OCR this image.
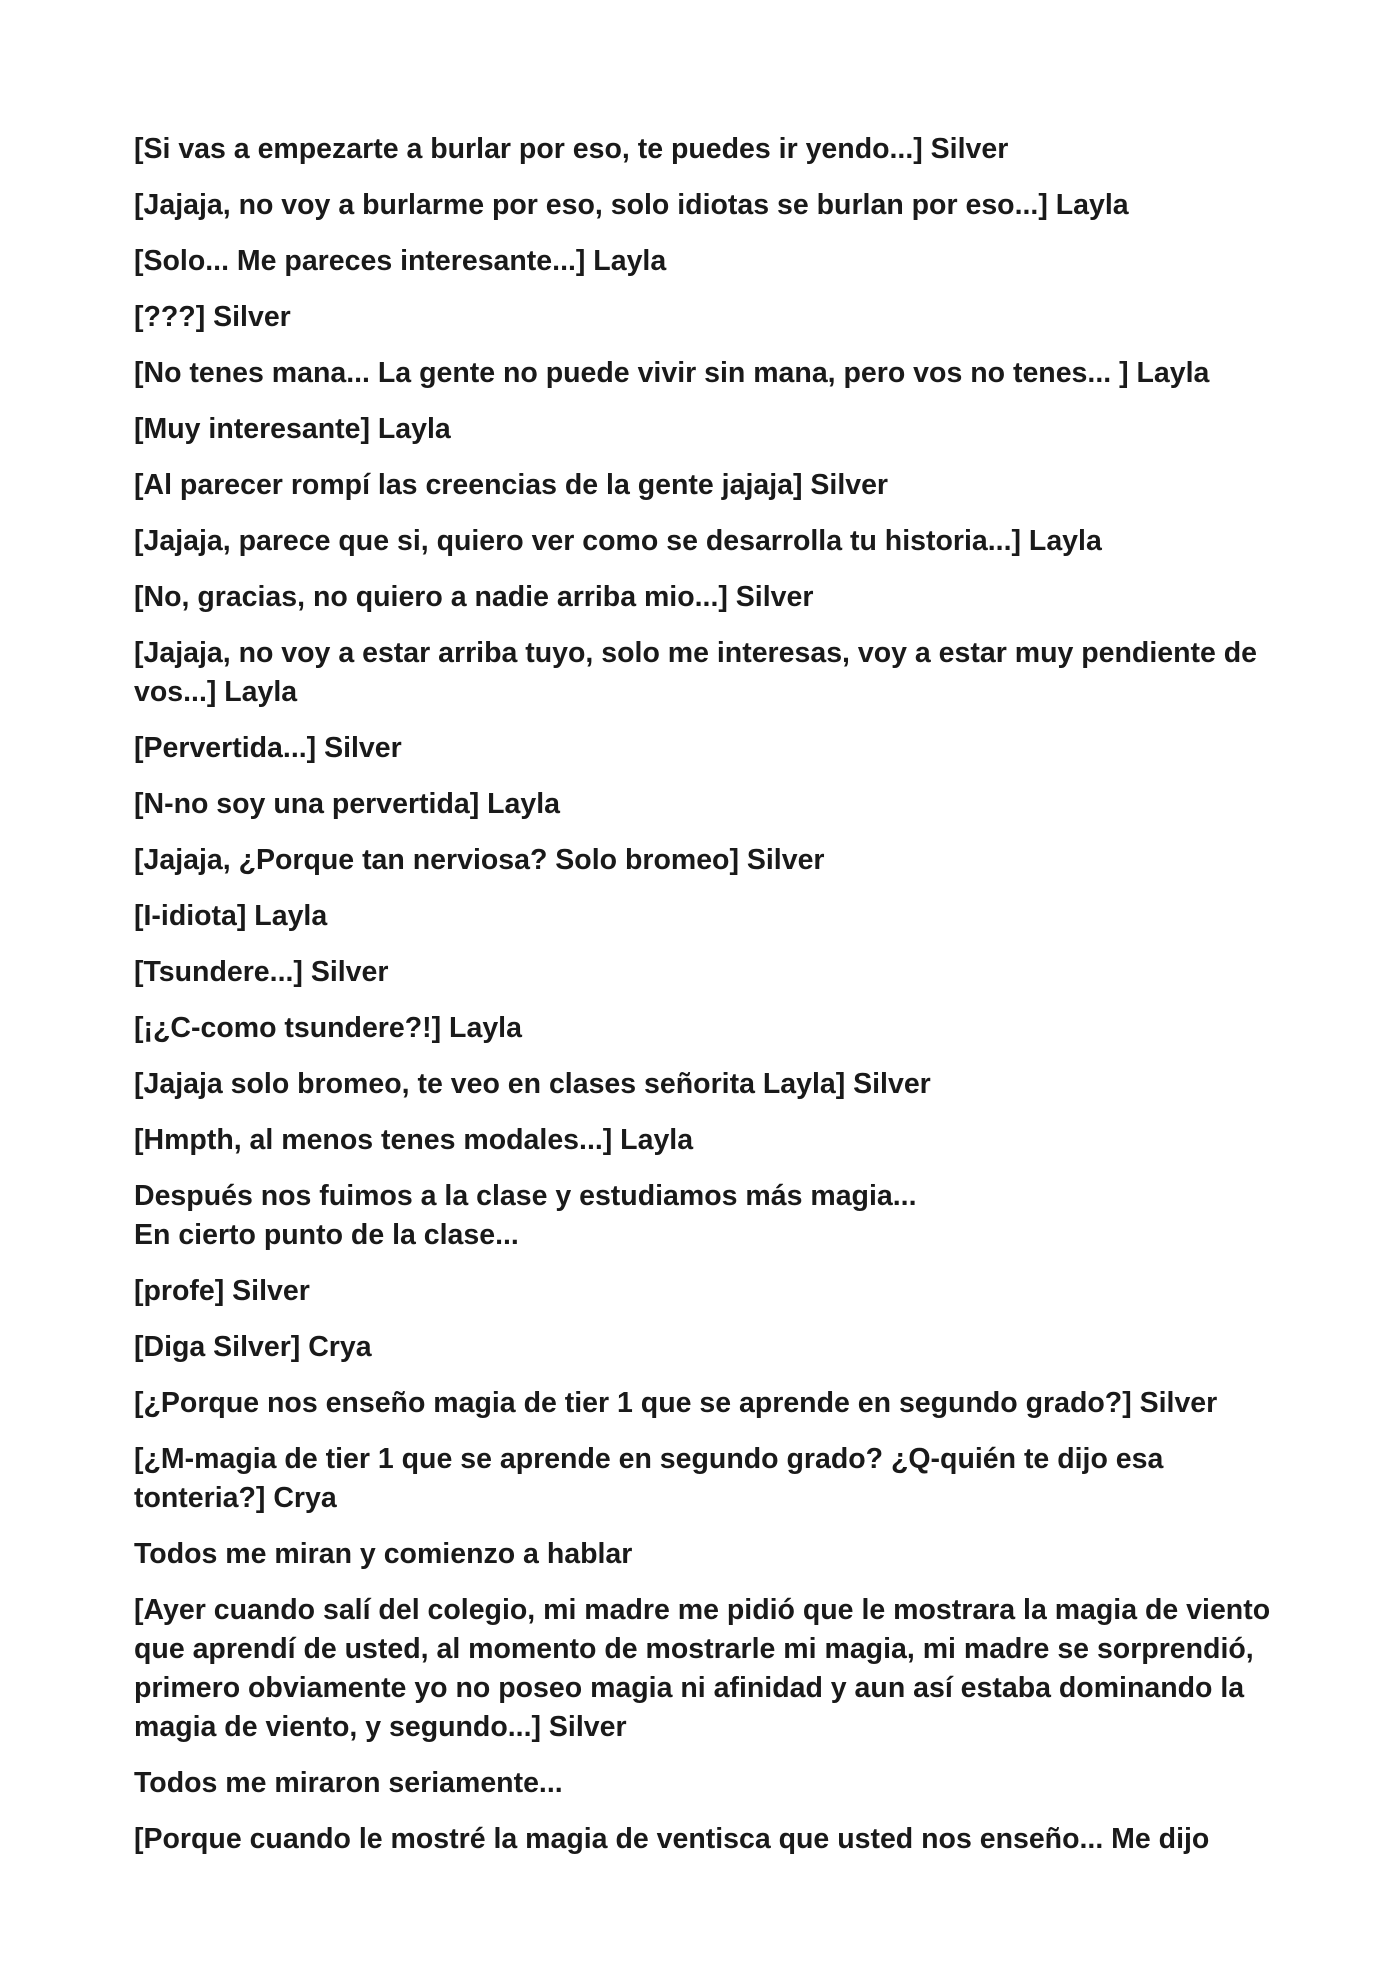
[Si vas a empezarte a burlar por eso, te puedes ir yendo...] Silver

[Jajaja, no voy a burlarme por eso, solo idiotas se burlan por eso...] Layla

[Solo... Me pareces interesante...] Layla

[???] Silver

[No tenes mana... La gente no puede vivir sin mana, pero vos no tenes... ] Layla

[Muy interesante] Layla

[Al parecer rompí las creencias de la gente jajaja] Silver

[Jajaja, parece que si, quiero ver como se desarrolla tu historia...] Layla

[No, gracias, no quiero a nadie arriba mio...] Silver

[Jajaja, no voy a estar arriba tuyo, solo me interesas, voy a estar muy pendiente de
vos...] Layla

[Pervertida...] Silver

[N-no soy una pervertida] Layla

[Jajaja, ¿Porque tan nerviosa? Solo bromeo] Silver

[I-idiota] Layla

[Tsundere...] Silver

[¡¿C-como tsundere?!] Layla

[Jajaja solo bromeo, te veo en clases señorita Layla] Silver

[Hmpth, al menos tenes modales...] Layla

Después nos fuimos a la clase y estudiamos más magia...
En cierto punto de la clase...

[profe] Silver

[Diga Silver] Crya

[¿Porque nos enseño magia de tier 1 que se aprende en segundo grado?] Silver

[¿M-magia de tier 1 que se aprende en segundo grado? ¿Q-quién te dijo esa
tonteria?] Crya

Todos me miran y comienzo a hablar

[Ayer cuando salí del colegio, mi madre me pidió que le mostrara la magia de viento
que aprendí de usted, al momento de mostrarle mi magia, mi madre se sorprendió,
primero obviamente yo no poseo magia ni afinidad y aun así estaba dominando la
magia de viento, y segundo...] Silver

Todos me miraron seriamente...

[Porque cuando le mostré la magia de ventisca que usted nos enseño... Me dijo
